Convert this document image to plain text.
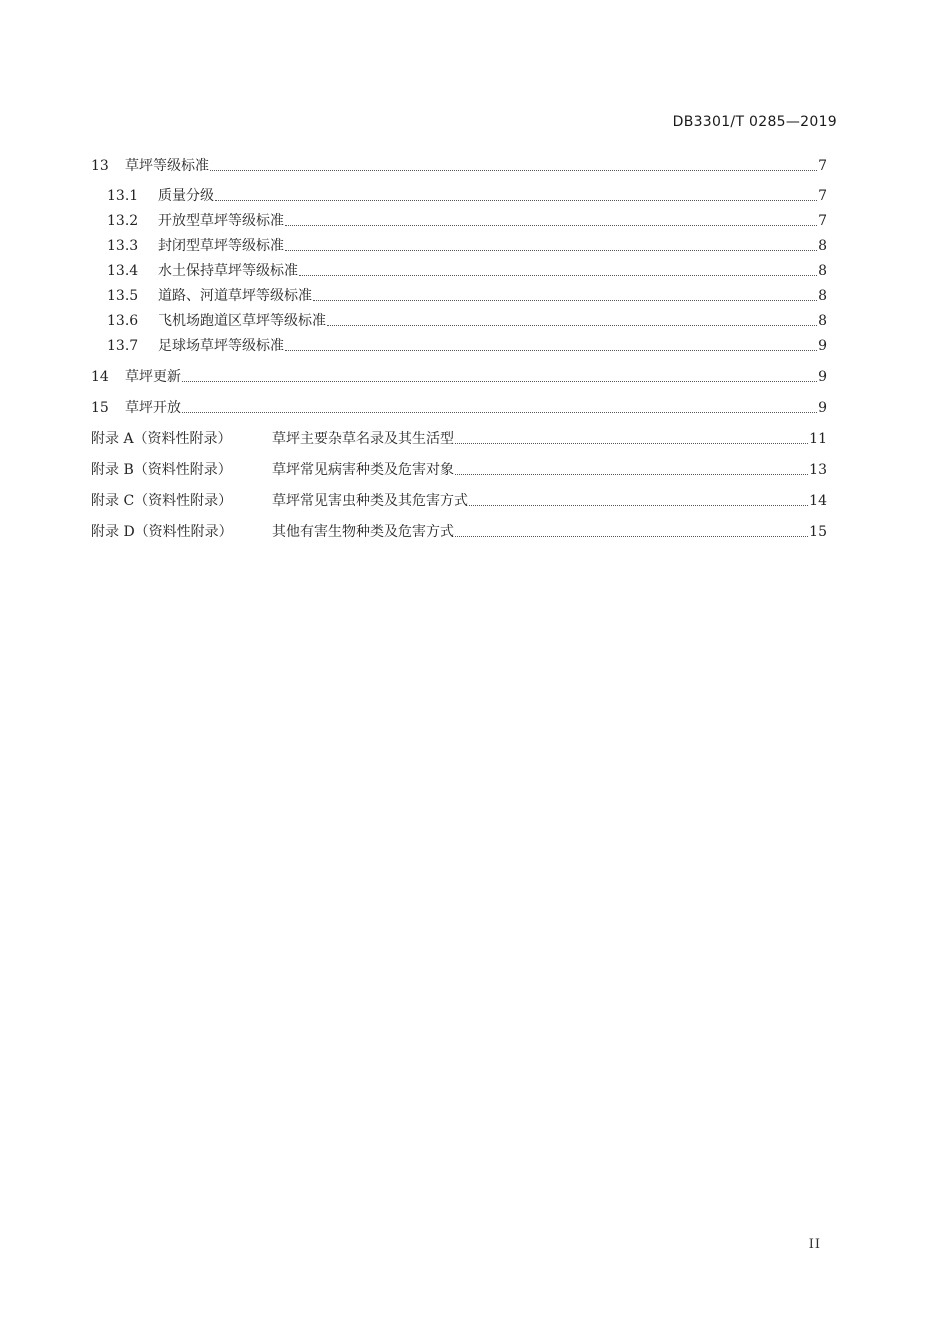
DB3301/T 0285—2019
13	草坪等级标准	7
13.1	质量分级	7
13.2	开放型草坪等级标准	7
13.3	封闭型草坪等级标准	8
13.4	水土保持草坪等级标准	8
13.5	道路、河道草坪等级标准	8
13.6	飞机场跑道区草坪等级标准	8
13.7	足球场草坪等级标准	9
14	草坪更新	9
15	草坪开放	9
附录 A（资料性附录）	草坪主要杂草名录及其生活型	11
附录 B（资料性附录）	草坪常见病害种类及危害对象	13
附录 C（资料性附录）	草坪常见害虫种类及其危害方式	14
附录 D（资料性附录）	其他有害生物种类及危害方式	15
II
